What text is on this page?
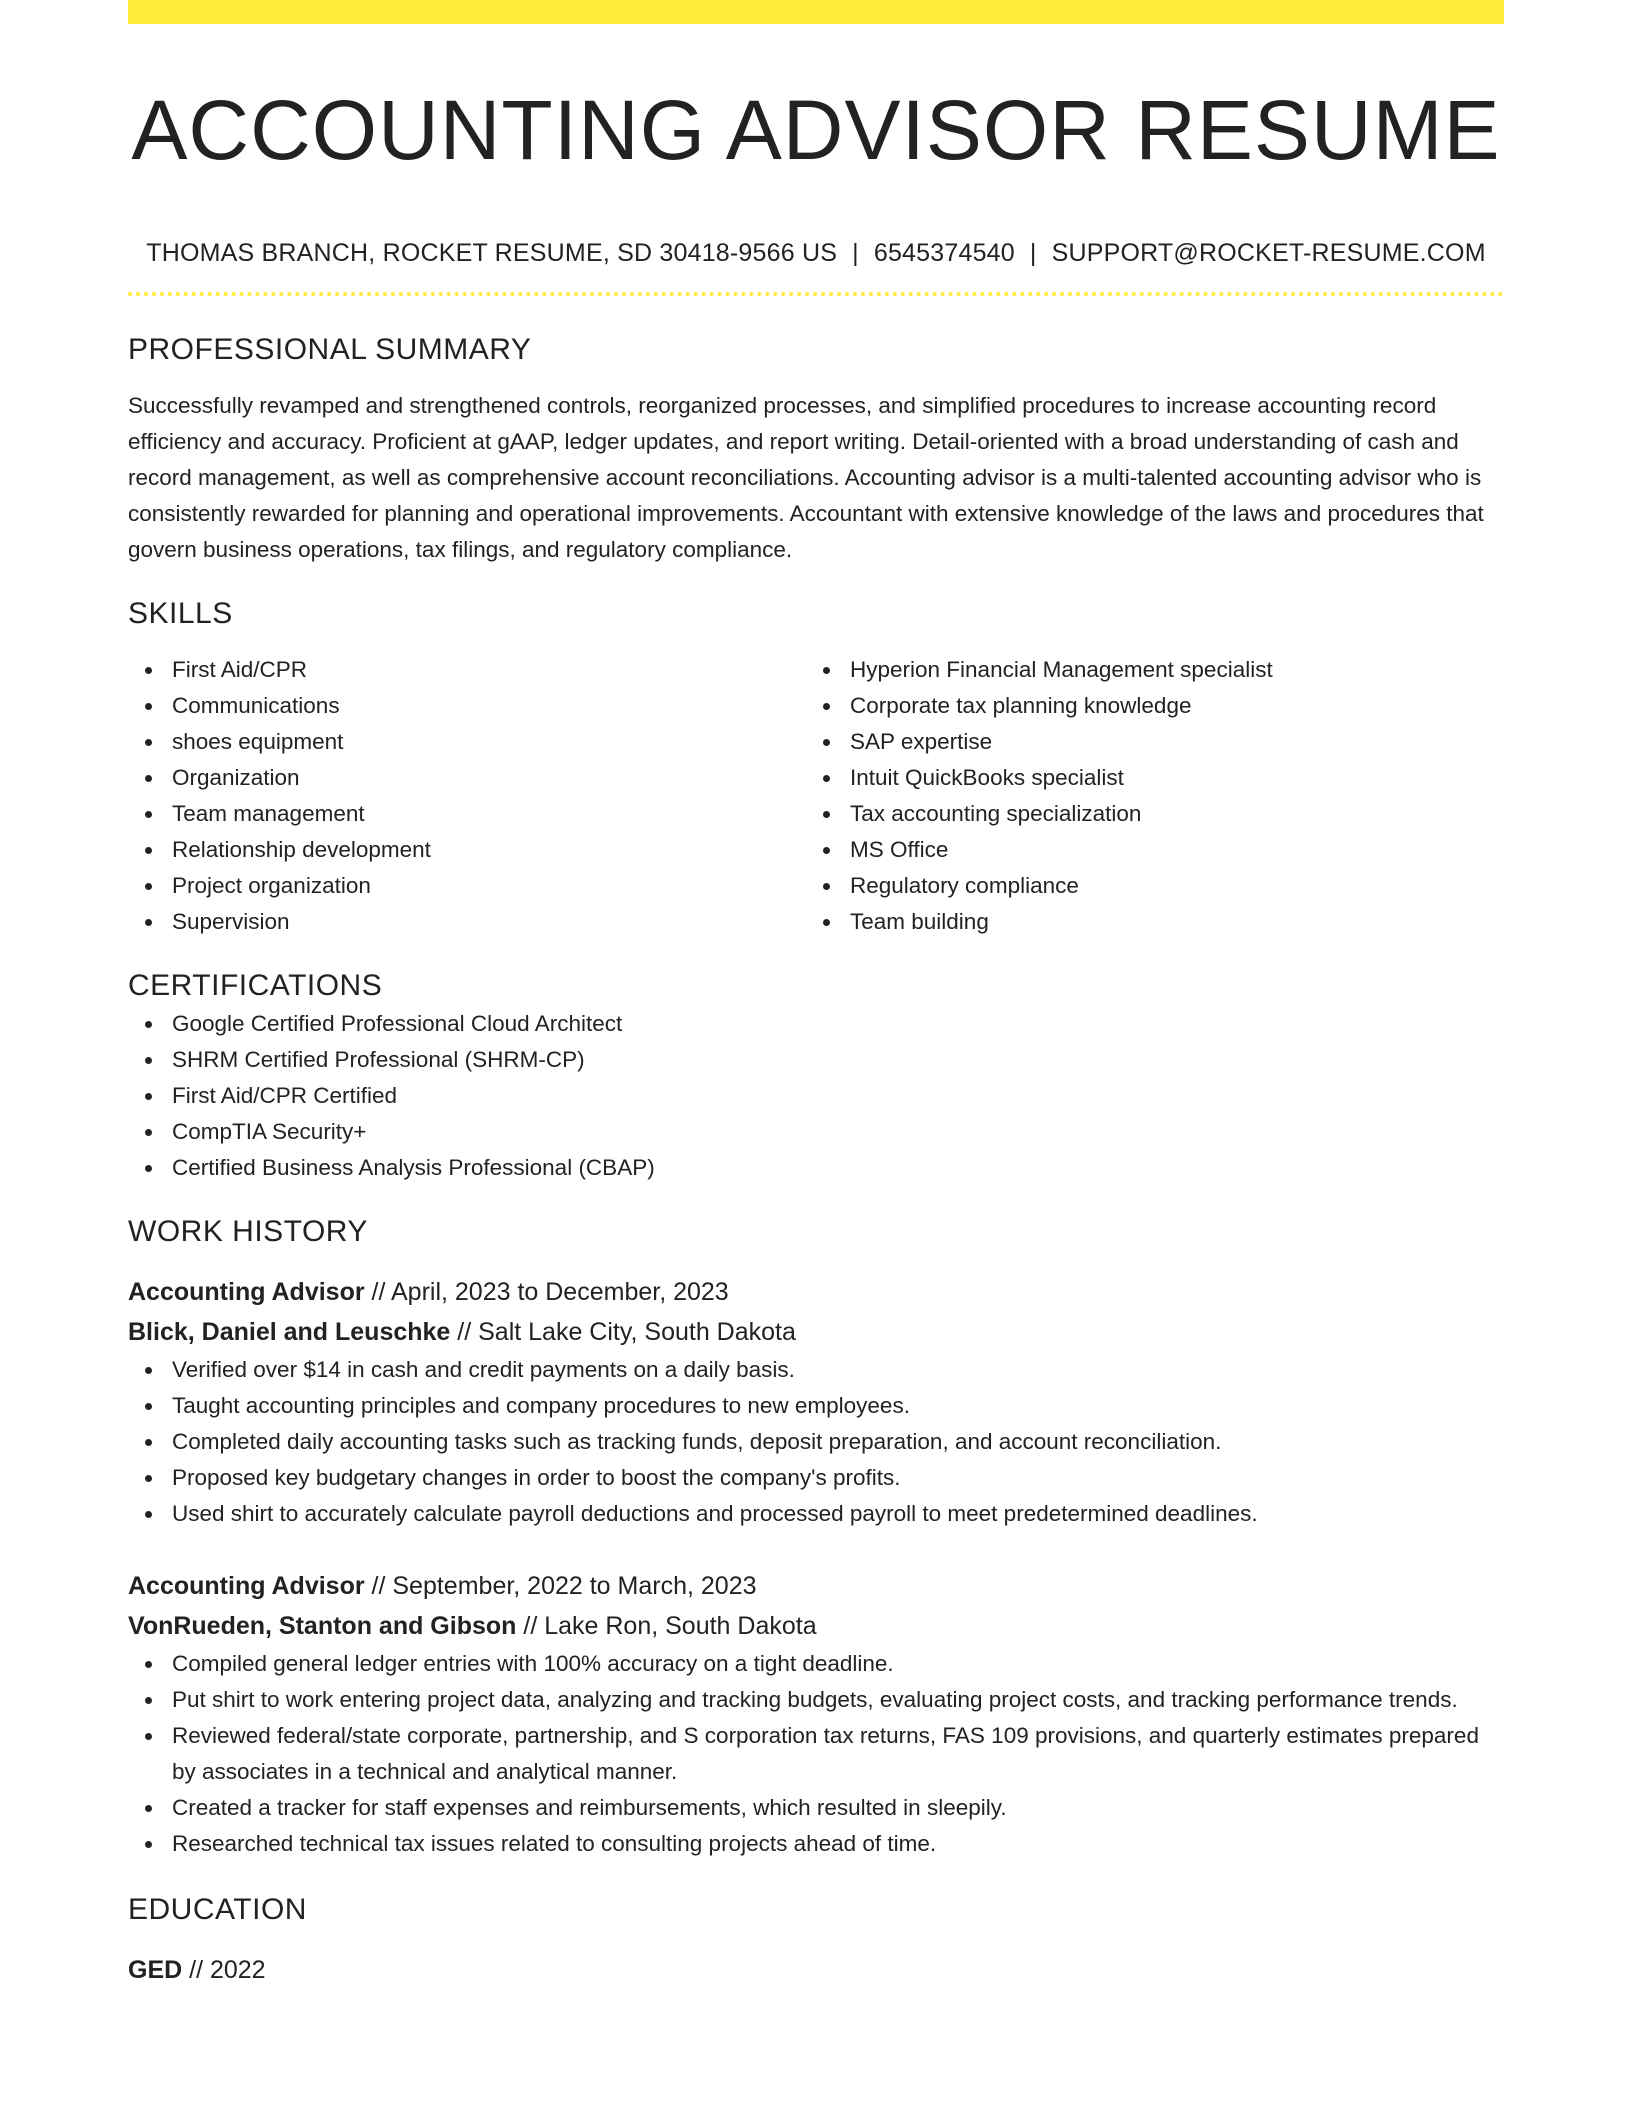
ACCOUNTING ADVISOR RESUME
THOMAS BRANCH, ROCKET RESUME, SD 30418-9566 US | 6545374540 | SUPPORT@ROCKET-RESUME.COM
PROFESSIONAL SUMMARY

Successfully revamped and strengthened controls, reorganized processes, and simplified procedures to increase accounting record efficiency and accuracy. Proficient at gAAP, ledger updates, and report writing. Detail-oriented with a broad understanding of cash and record management, as well as comprehensive account reconciliations. Accounting advisor is a multi-talented accounting advisor who is consistently rewarded for planning and operational improvements. Accountant with extensive knowledge of the laws and procedures that govern business operations, tax filings, and regulatory compliance.

SKILLS
First Aid/CPR
Communications
shoes equipment
Organization
Team management
Relationship development
Project organization
Supervision
Hyperion Financial Management specialist
Corporate tax planning knowledge
SAP expertise
Intuit QuickBooks specialist
Tax accounting specialization
MS Office
Regulatory compliance
Team building
CERTIFICATIONS
Google Certified Professional Cloud Architect
SHRM Certified Professional (SHRM-CP)
First Aid/CPR Certified
CompTIA Security+
Certified Business Analysis Professional (CBAP)
WORK HISTORY
Accounting Advisor // April, 2023 to December, 2023
Blick, Daniel and Leuschke // Salt Lake City, South Dakota
Verified over $14 in cash and credit payments on a daily basis.
Taught accounting principles and company procedures to new employees.
Completed daily accounting tasks such as tracking funds, deposit preparation, and account reconciliation.
Proposed key budgetary changes in order to boost the company's profits.
Used shirt to accurately calculate payroll deductions and processed payroll to meet predetermined deadlines.
Accounting Advisor // September, 2022 to March, 2023
VonRueden, Stanton and Gibson // Lake Ron, South Dakota
Compiled general ledger entries with 100% accuracy on a tight deadline.
Put shirt to work entering project data, analyzing and tracking budgets, evaluating project costs, and tracking performance trends.
Reviewed federal/state corporate, partnership, and S corporation tax returns, FAS 109 provisions, and quarterly estimates prepared by associates in a technical and analytical manner.
Created a tracker for staff expenses and reimbursements, which resulted in sleepily.
Researched technical tax issues related to consulting projects ahead of time.
EDUCATION
GED // 2022
